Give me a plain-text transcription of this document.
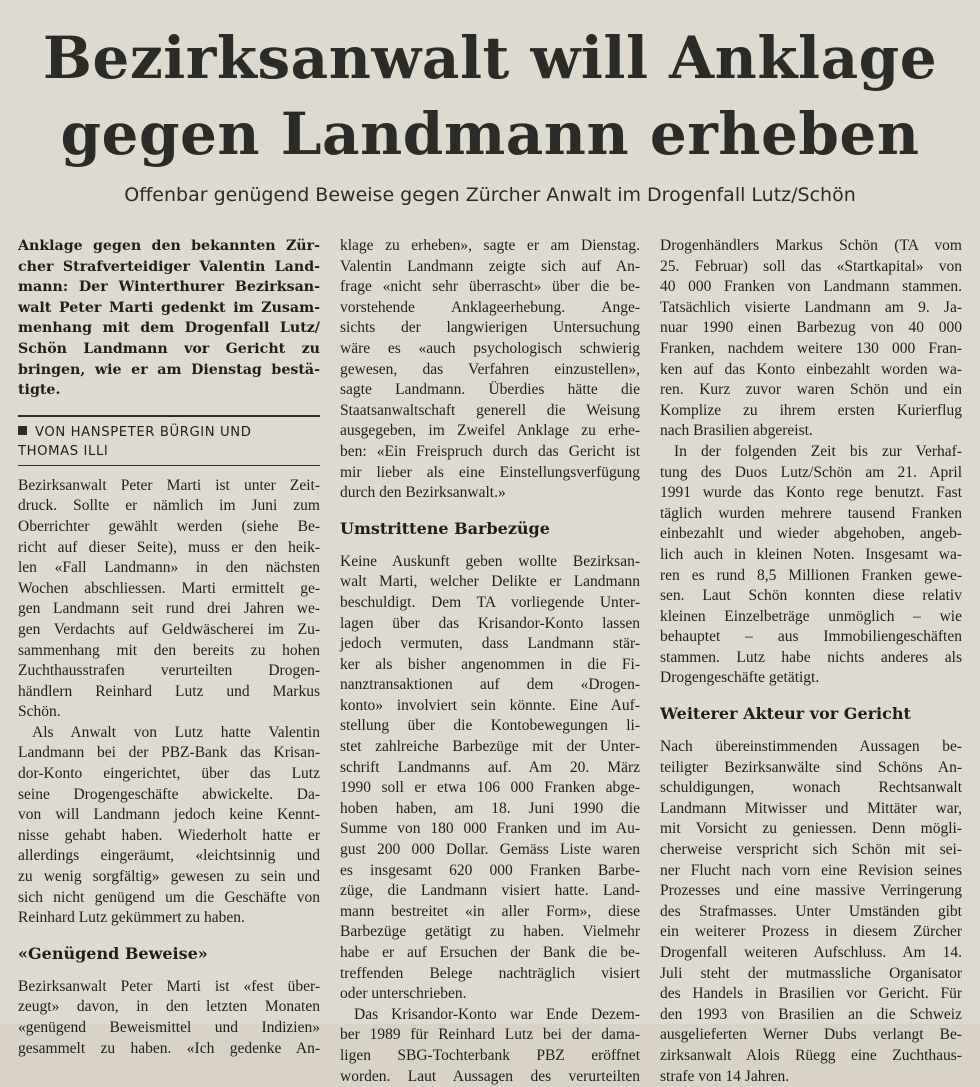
Bezirksanwalt will Anklage
gegen Landmann erheben
Offenbar genügend Beweise gegen Zürcher Anwalt im Drogenfall Lutz/Schön
Anklage gegen den bekannten Zür-
cher Strafverteidiger Valentin Land-
mann: Der Winterthurer Bezirksan-
walt Peter Marti gedenkt im Zusam-
menhang mit dem Drogenfall Lutz/
Schön Landmann vor Gericht zu
bringen, wie er am Dienstag bestä-
tigte.
VON HANSPETER BÜRGIN UND
THOMAS ILLI
Bezirksanwalt Peter Marti ist unter Zeit-
druck. Sollte er nämlich im Juni zum
Oberrichter gewählt werden (siehe Be-
richt auf dieser Seite), muss er den heik-
len «Fall Landmann» in den nächsten
Wochen abschliessen. Marti ermittelt ge-
gen Landmann seit rund drei Jahren we-
gen Verdachts auf Geldwäscherei im Zu-
sammenhang mit den bereits zu hohen
Zuchthausstrafen verurteilten Drogen-
händlern Reinhard Lutz und Markus
Schön.
Als Anwalt von Lutz hatte Valentin
Landmann bei der PBZ-Bank das Krisan-
dor-Konto eingerichtet, über das Lutz
seine Drogengeschäfte abwickelte. Da-
von will Landmann jedoch keine Kennt-
nisse gehabt haben. Wiederholt hatte er
allerdings eingeräumt, «leichtsinnig und
zu wenig sorgfältig» gewesen zu sein und
sich nicht genügend um die Geschäfte von
Reinhard Lutz gekümmert zu haben.
«Genügend Beweise»
Bezirksanwalt Peter Marti ist «fest über-
zeugt» davon, in den letzten Monaten
«genügend Beweismittel und Indizien»
gesammelt zu haben. «Ich gedenke An-
klage zu erheben», sagte er am Dienstag.
Valentin Landmann zeigte sich auf An-
frage «nicht sehr überrascht» über die be-
vorstehende Anklageerhebung. Ange-
sichts der langwierigen Untersuchung
wäre es «auch psychologisch schwierig
gewesen, das Verfahren einzustellen»,
sagte Landmann. Überdies hätte die
Staatsanwaltschaft generell die Weisung
ausgegeben, im Zweifel Anklage zu erhe-
ben: «Ein Freispruch durch das Gericht ist
mir lieber als eine Einstellungsverfügung
durch den Bezirksanwalt.»
Umstrittene Barbezüge
Keine Auskunft geben wollte Bezirksan-
walt Marti, welcher Delikte er Landmann
beschuldigt. Dem TA vorliegende Unter-
lagen über das Krisandor-Konto lassen
jedoch vermuten, dass Landmann stär-
ker als bisher angenommen in die Fi-
nanztransaktionen auf dem «Drogen-
konto» involviert sein könnte. Eine Auf-
stellung über die Kontobewegungen li-
stet zahlreiche Barbezüge mit der Unter-
schrift Landmanns auf. Am 20. März
1990 soll er etwa 106 000 Franken abge-
hoben haben, am 18. Juni 1990 die
Summe von 180 000 Franken und im Au-
gust 200 000 Dollar. Gemäss Liste waren
es insgesamt 620 000 Franken Barbe-
züge, die Landmann visiert hatte. Land-
mann bestreitet «in aller Form», diese
Barbezüge getätigt zu haben. Vielmehr
habe er auf Ersuchen der Bank die be-
treffenden Belege nachträglich visiert
oder unterschrieben.
Das Krisandor-Konto war Ende Dezem-
ber 1989 für Reinhard Lutz bei der dama-
ligen SBG-Tochterbank PBZ eröffnet
worden. Laut Aussagen des verurteilten
Drogenhändlers Markus Schön (TA vom
25. Februar) soll das «Startkapital» von
40 000 Franken von Landmann stammen.
Tatsächlich visierte Landmann am 9. Ja-
nuar 1990 einen Barbezug von 40 000
Franken, nachdem weitere 130 000 Fran-
ken auf das Konto einbezahlt worden wa-
ren. Kurz zuvor waren Schön und ein
Komplize zu ihrem ersten Kurierflug
nach Brasilien abgereist.
In der folgenden Zeit bis zur Verhaf-
tung des Duos Lutz/Schön am 21. April
1991 wurde das Konto rege benutzt. Fast
täglich wurden mehrere tausend Franken
einbezahlt und wieder abgehoben, angeb-
lich auch in kleinen Noten. Insgesamt wa-
ren es rund 8,5 Millionen Franken gewe-
sen. Laut Schön konnten diese relativ
kleinen Einzelbeträge unmöglich – wie
behauptet – aus Immobiliengeschäften
stammen. Lutz habe nichts anderes als
Drogengeschäfte getätigt.
Weiterer Akteur vor Gericht
Nach übereinstimmenden Aussagen be-
teiligter Bezirksanwälte sind Schöns An-
schuldigungen, wonach Rechtsanwalt
Landmann Mitwisser und Mittäter war,
mit Vorsicht zu geniessen. Denn mögli-
cherweise verspricht sich Schön mit sei-
ner Flucht nach vorn eine Revision seines
Prozesses und eine massive Verringerung
des Strafmasses. Unter Umständen gibt
ein weiterer Prozess in diesem Zürcher
Drogenfall weiteren Aufschluss. Am 14.
Juli steht der mutmassliche Organisator
des Handels in Brasilien vor Gericht. Für
den 1993 von Brasilien an die Schweiz
ausgelieferten Werner Dubs verlangt Be-
zirksanwalt Alois Rüegg eine Zuchthaus-
strafe von 14 Jahren.
